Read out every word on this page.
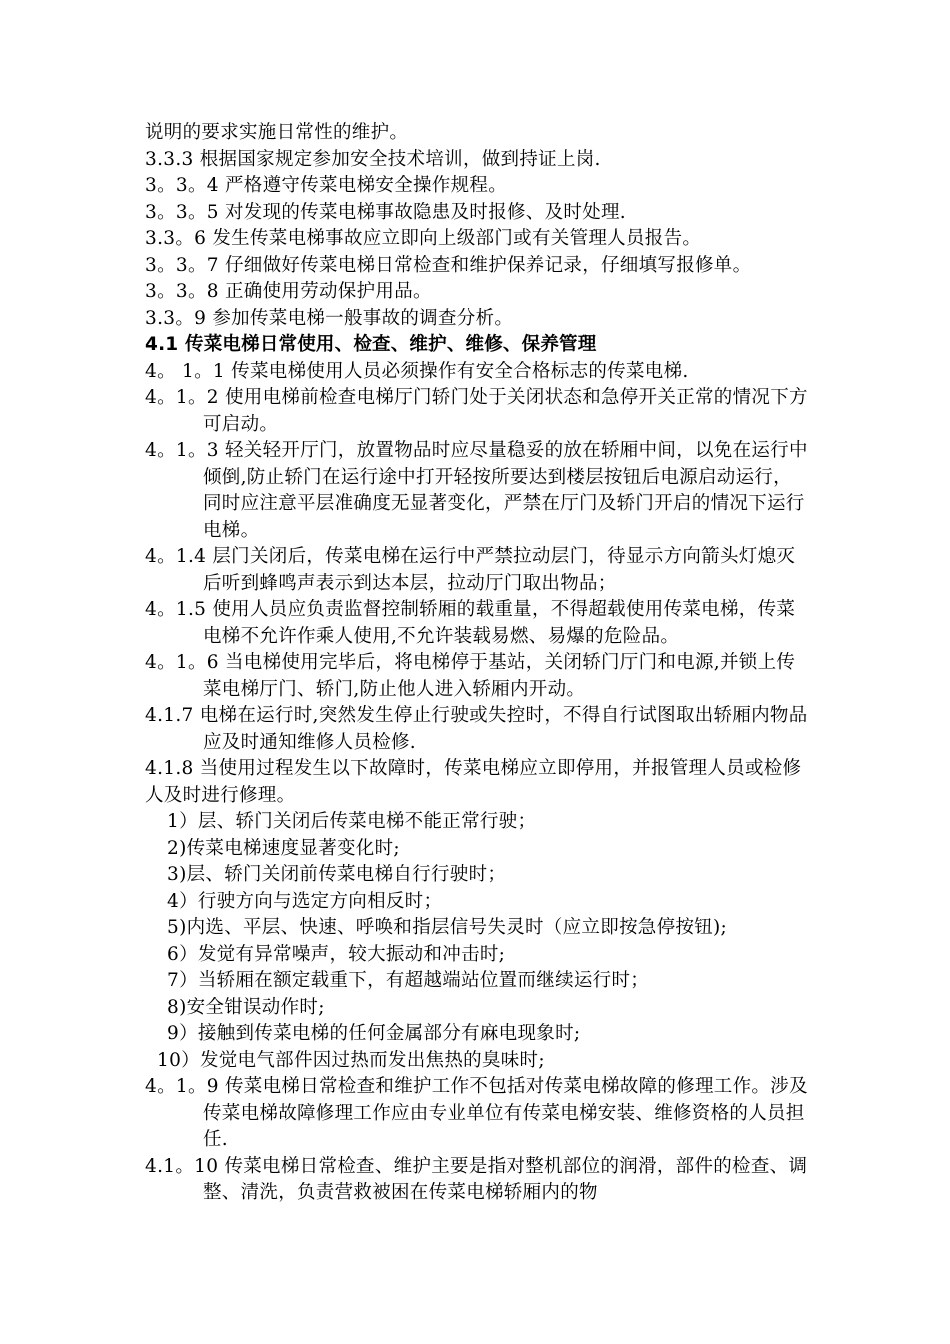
说明的要求实施日常性的维护。

3.3.3 根据国家规定参加安全技术培训，做到持证上岗.

3。3。4 严格遵守传菜电梯安全操作规程。

3。3。5 对发现的传菜电梯事故隐患及时报修、及时处理.

3.3。6 发生传菜电梯事故应立即向上级部门或有关管理人员报告。

3。3。7 仔细做好传菜电梯日常检查和维护保养记录，仔细填写报修单。

3。3。8 正确使用劳动保护用品。

3.3。9 参加传菜电梯一般事故的调查分析。

4.1 传菜电梯日常使用、检查、维护、维修、保养管理

4。 1。1 传菜电梯使用人员必须操作有安全合格标志的传菜电梯.

4。1。2 使用电梯前检查电梯厅门轿门处于关闭状态和急停开关正常的情况下方可启动。

4。1。3 轻关轻开厅门，放置物品时应尽量稳妥的放在轿厢中间，以免在运行中倾倒,防止轿门在运行途中打开轻按所要达到楼层按钮后电源启动运行，同时应注意平层准确度无显著变化，严禁在厅门及轿门开启的情况下运行电梯。

4。1.4 层门关闭后，传菜电梯在运行中严禁拉动层门，待显示方向箭头灯熄灭后听到蜂鸣声表示到达本层，拉动厅门取出物品；

4。1.5 使用人员应负责监督控制轿厢的载重量，不得超载使用传菜电梯，传菜电梯不允许作乘人使用,不允许装载易燃、易爆的危险品。

4。1。6 当电梯使用完毕后，将电梯停于基站，关闭轿门厅门和电源,并锁上传菜电梯厅门、轿门,防止他人进入轿厢内开动。

4.1.7 电梯在运行时,突然发生停止行驶或失控时，不得自行试图取出轿厢内物品应及时通知维修人员检修.

4.1.8 当使用过程发生以下故障时，传菜电梯应立即停用，并报管理人员或检修人及时进行修理。

1）层、轿门关闭后传菜电梯不能正常行驶；

2)传菜电梯速度显著变化时;

3)层、轿门关闭前传菜电梯自行行驶时；

4）行驶方向与选定方向相反时；

5)内选、平层、快速、呼唤和指层信号失灵时（应立即按急停按钮);

6）发觉有异常噪声，较大振动和冲击时;

7）当轿厢在额定载重下，有超越端站位置而继续运行时；

8)安全钳误动作时;

9）接触到传菜电梯的任何金属部分有麻电现象时;

10）发觉电气部件因过热而发出焦热的臭味时;

4。1。9 传菜电梯日常检查和维护工作不包括对传菜电梯故障的修理工作。涉及传菜电梯故障修理工作应由专业单位有传菜电梯安装、维修资格的人员担任.

4.1。10 传菜电梯日常检查、维护主要是指对整机部位的润滑，部件的检查、调整、清洗，负责营救被困在传菜电梯轿厢内的物
